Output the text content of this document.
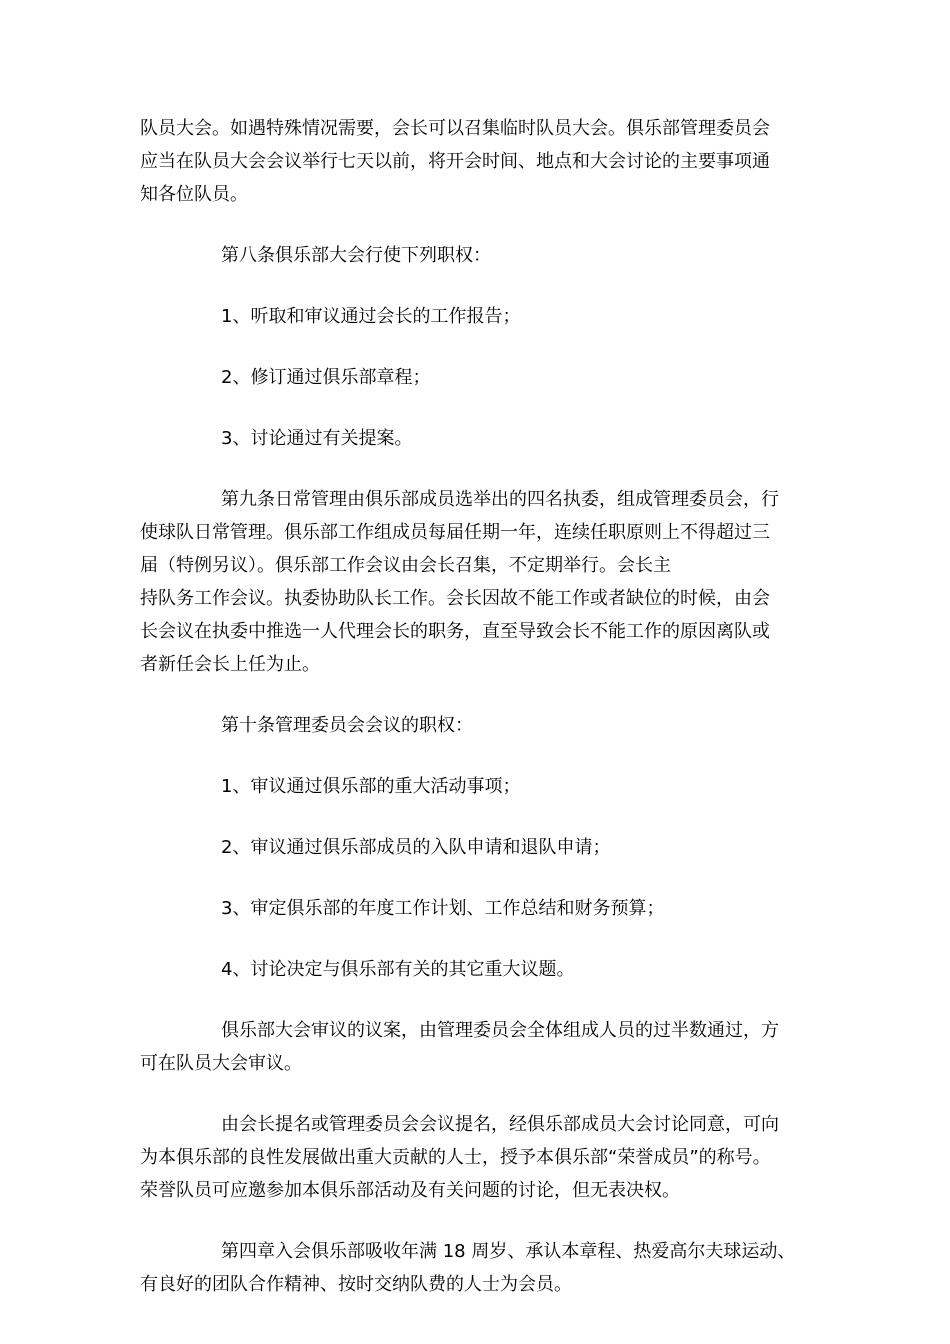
队员大会。如遇特殊情况需要，会长可以召集临时队员大会。俱乐部管理委员会
应当在队员大会会议举行七天以前，将开会时间、地点和大会讨论的主要事项通
知各位队员。

第八条俱乐部大会行使下列职权：

1、听取和审议通过会长的工作报告；

2、修订通过俱乐部章程；

3、讨论通过有关提案。

第九条日常管理由俱乐部成员选举出的四名执委，组成管理委员会，行
使球队日常管理。俱乐部工作组成员每届任期一年，连续任职原则上不得超过三
届（特例另议）。俱乐部工作会议由会长召集，不定期举行。会长主
持队务工作会议。执委协助队长工作。会长因故不能工作或者缺位的时候，由会
长会议在执委中推选一人代理会长的职务，直至导致会长不能工作的原因离队或
者新任会长上任为止。

第十条管理委员会会议的职权：

1、审议通过俱乐部的重大活动事项；

2、审议通过俱乐部成员的入队申请和退队申请；

3、审定俱乐部的年度工作计划、工作总结和财务预算；

4、讨论决定与俱乐部有关的其它重大议题。

俱乐部大会审议的议案，由管理委员会全体组成人员的过半数通过，方
可在队员大会审议。

由会长提名或管理委员会会议提名，经俱乐部成员大会讨论同意，可向
为本俱乐部的良性发展做出重大贡献的人士，授予本俱乐部“荣誉成员”的称号。
荣誉队员可应邀参加本俱乐部活动及有关问题的讨论，但无表决权。

第四章入会俱乐部吸收年满 18 周岁、承认本章程、热爱高尔夫球运动、
有良好的团队合作精神、按时交纳队费的人士为会员。
